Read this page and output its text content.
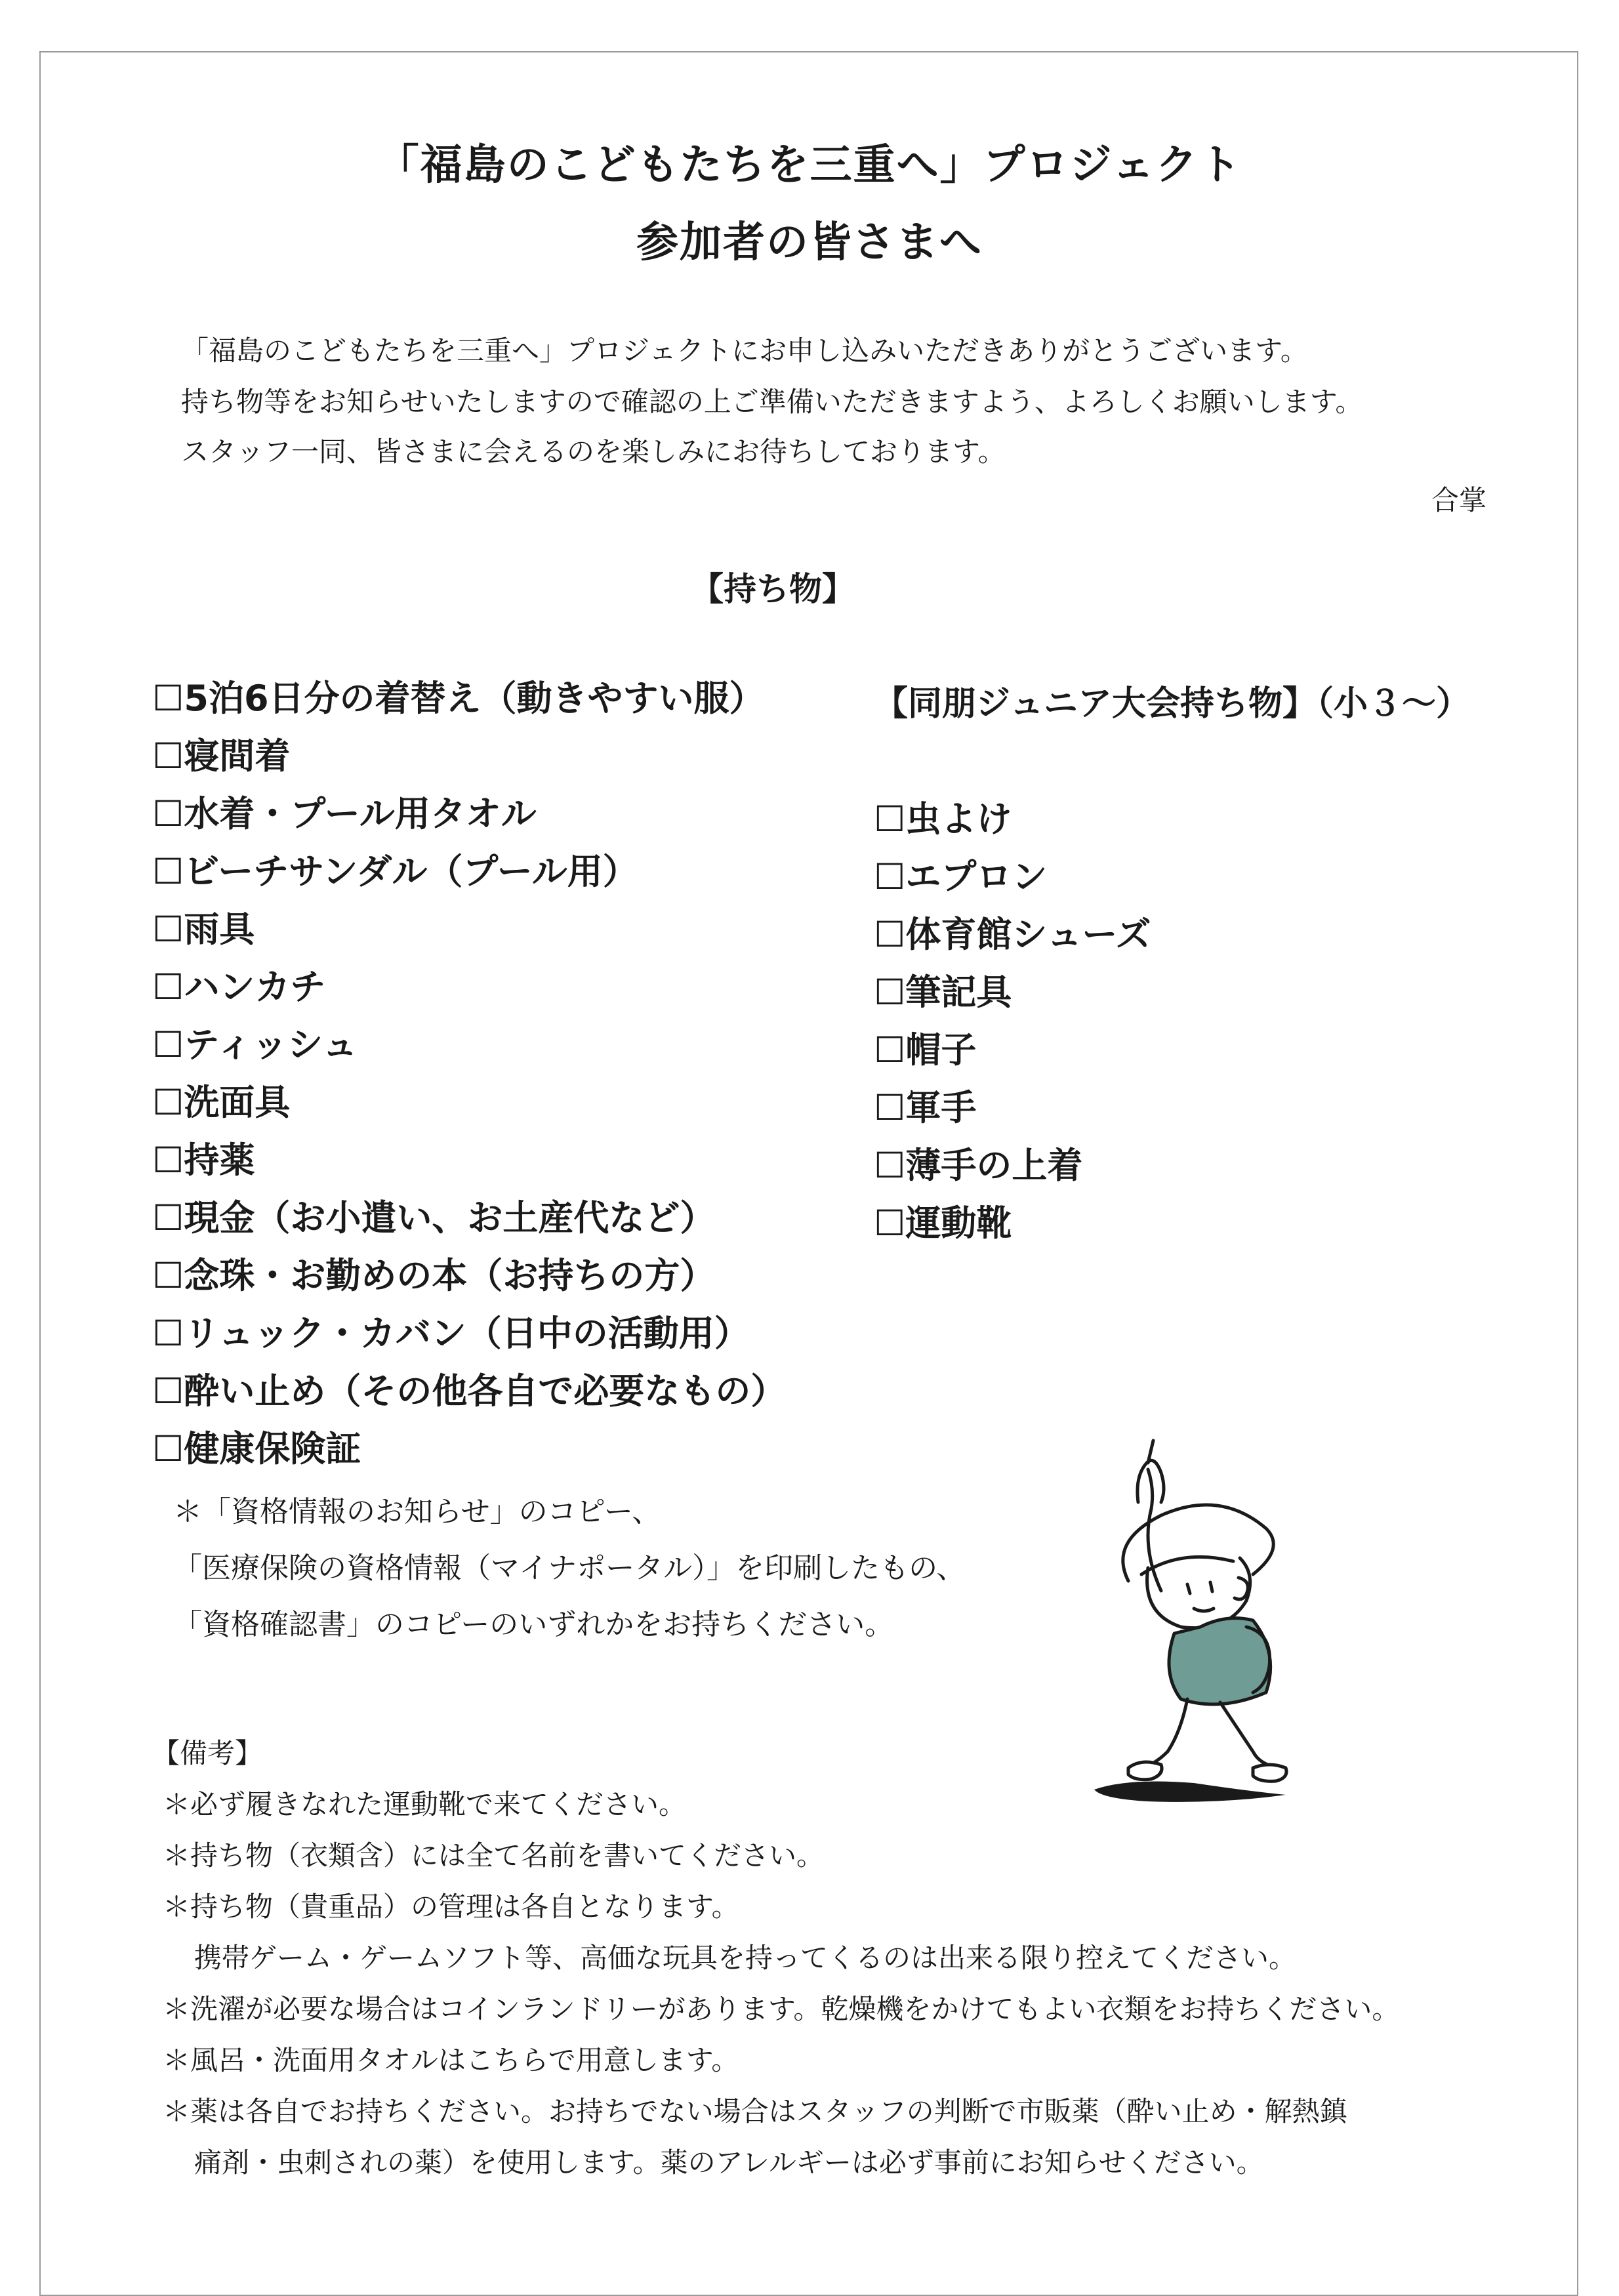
「福島のこどもたちを三重へ」プロジェクト
参加者の皆さまへ
「福島のこどもたちを三重へ」プロジェクトにお申し込みいただきありがとうございます。
持ち物等をお知らせいたしますので確認の上ご準備いただきますよう、よろしくお願いします。
スタッフ一同、皆さまに会えるのを楽しみにお待ちしております。
合掌
【持ち物】
☐5泊6日分の着替え（動きやすい服）
☐寝間着
☐水着・プール用タオル
☐ビーチサンダル（プール用）
☐雨具
☐ハンカチ
☐ティッシュ
☐洗面具
☐持薬
☐現金（お小遣い、お土産代など）
☐念珠・お勤めの本（お持ちの方）
☐リュック・カバン（日中の活動用）
☐酔い止め（その他各自で必要なもの）
☐健康保険証
＊「資格情報のお知らせ」のコピー、
「医療保険の資格情報（マイナポータル）」を印刷したもの、
「資格確認書」のコピーのいずれかをお持ちください。
【同朋ジュニア大会持ち物】（小３～）
☐虫よけ
☐エプロン
☐体育館シューズ
☐筆記具
☐帽子
☐軍手
☐薄手の上着
☐運動靴
【備考】
＊必ず履きなれた運動靴で来てください。
＊持ち物（衣類含）には全て名前を書いてください。
＊持ち物（貴重品）の管理は各自となります。
携帯ゲーム・ゲームソフト等、高価な玩具を持ってくるのは出来る限り控えてください。
＊洗濯が必要な場合はコインランドリーがあります。乾燥機をかけてもよい衣類をお持ちください。
＊風呂・洗面用タオルはこちらで用意します。
＊薬は各自でお持ちください。お持ちでない場合はスタッフの判断で市販薬（酔い止め・解熱鎮
痛剤・虫刺されの薬）を使用します。薬のアレルギーは必ず事前にお知らせください。
